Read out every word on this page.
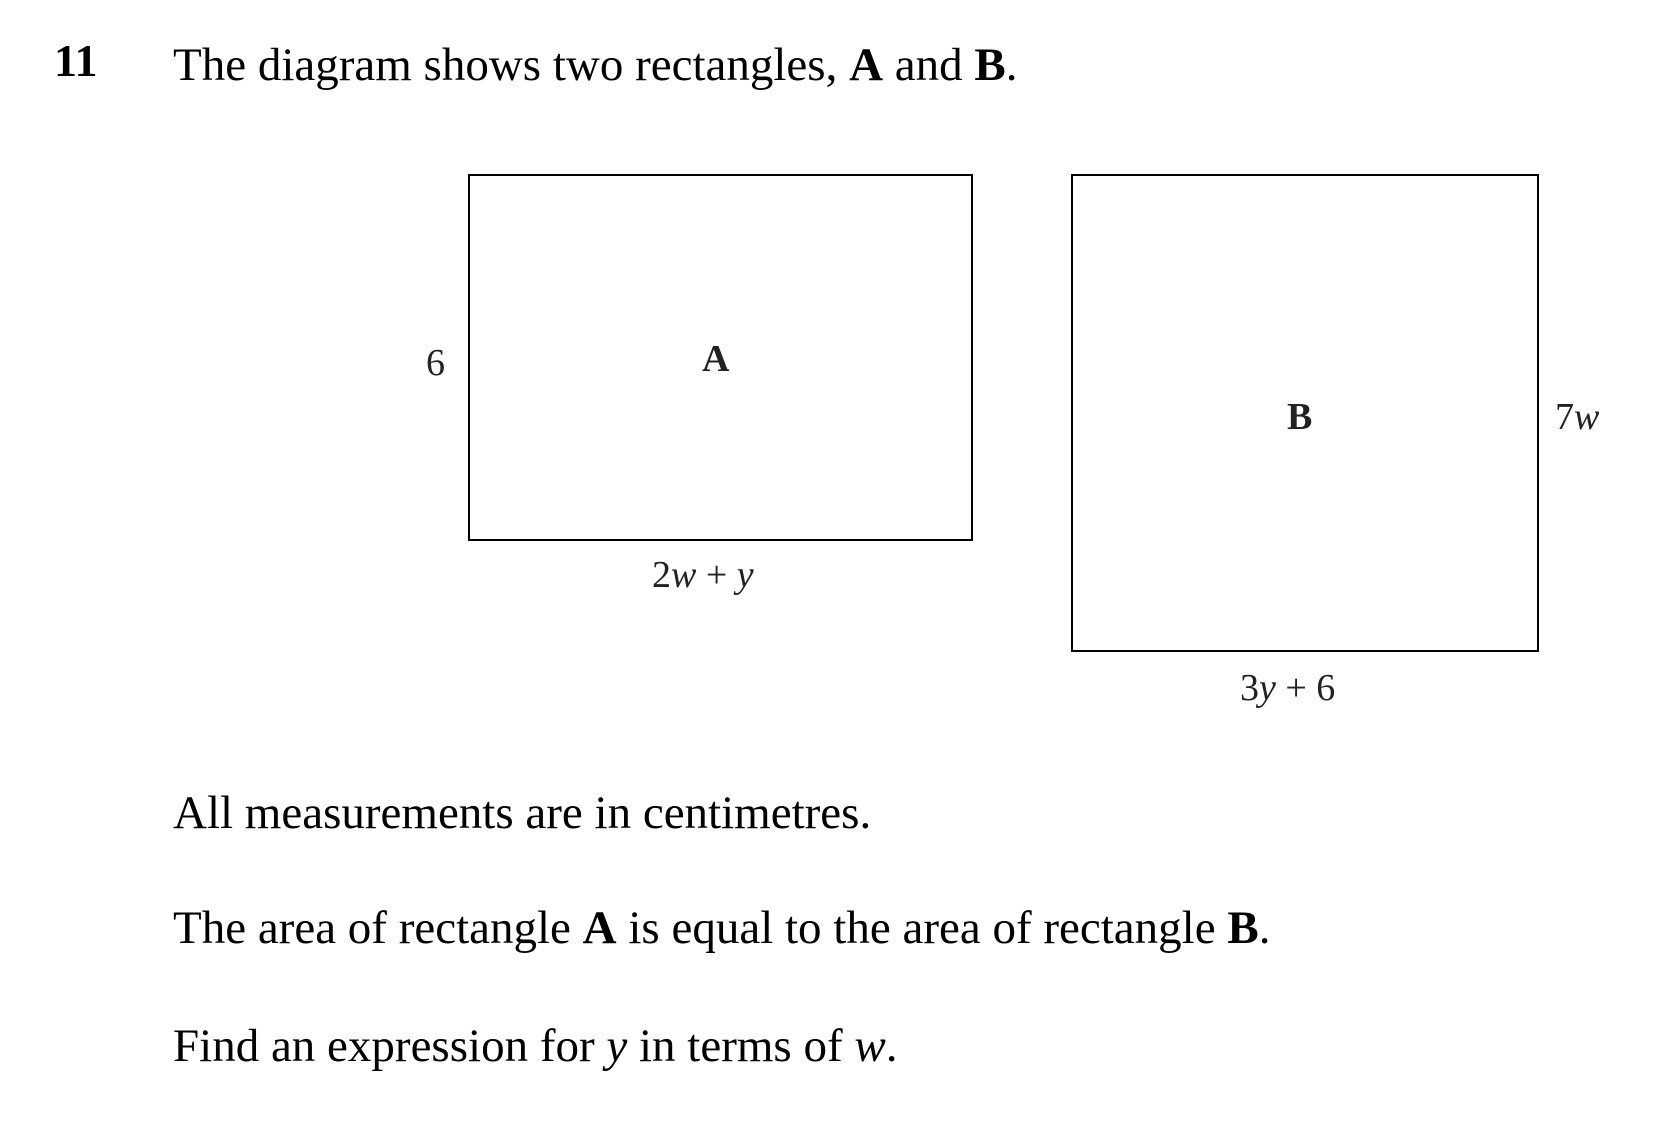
11 The diagram shows two rectangles, A and B.
A
6
2w + y
B	7w
3y + 6
All measurements are in centimetres.
The area of rectangle A is equal to the area of rectangle B.
Find an expression for y in terms of w.
